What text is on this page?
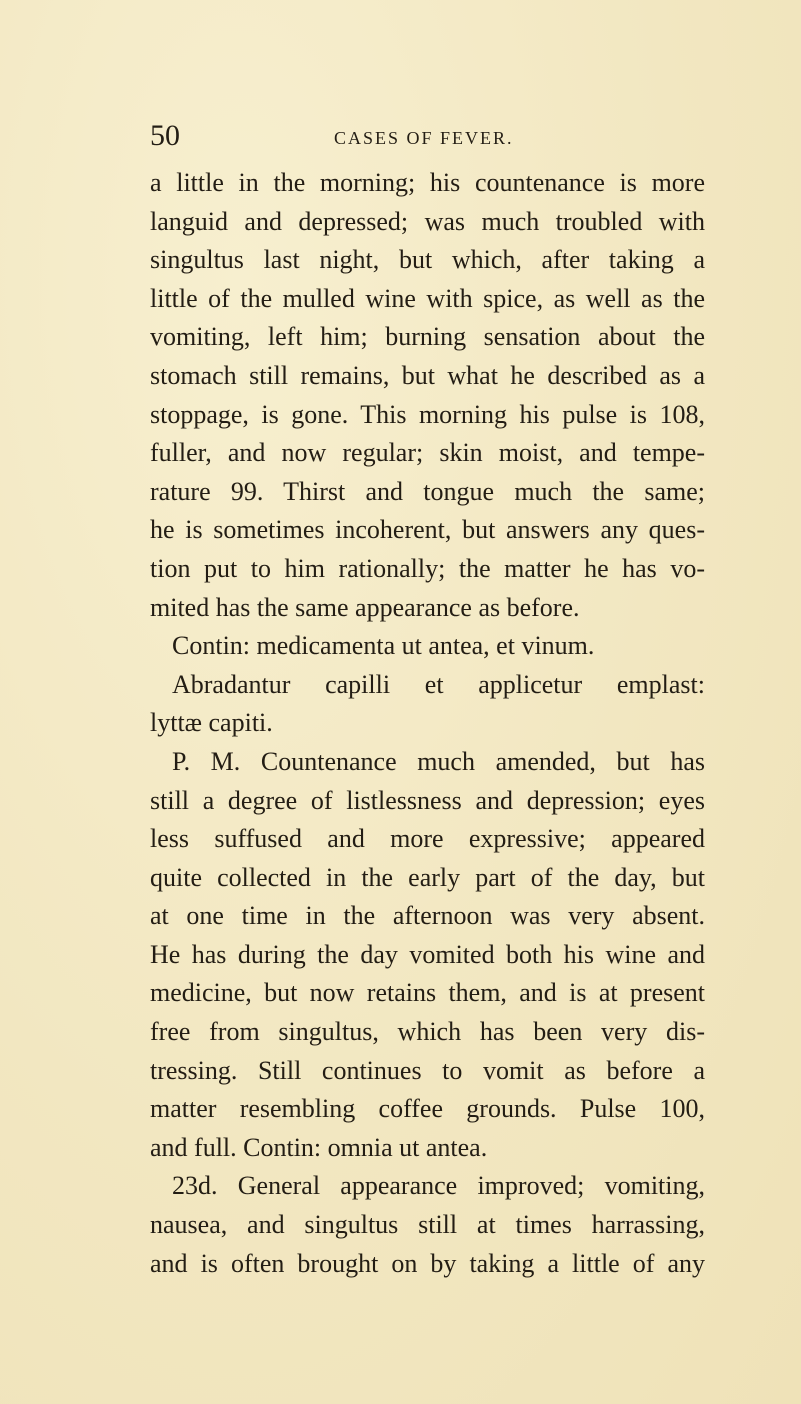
50	CASES OF FEVER.
a little in the morning; his countenance is more
languid and depressed; was much troubled with
singultus last night, but which, after taking a
little of the mulled wine with spice, as well as the
vomiting, left him; burning sensation about the
stomach still remains, but what he described as a
stoppage, is gone. This morning his pulse is 108,
fuller, and now regular; skin moist, and tempe-
rature 99. Thirst and tongue much the same;
he is sometimes incoherent, but answers any ques-
tion put to him rationally; the matter he has vo-
mited has the same appearance as before.
Contin: medicamenta ut antea, et vinum.
Abradantur capilli et applicetur emplast:
lyttæ capiti.
P. M. Countenance much amended, but has
still a degree of listlessness and depression; eyes
less suffused and more expressive; appeared
quite collected in the early part of the day, but
at one time in the afternoon was very absent.
He has during the day vomited both his wine and
medicine, but now retains them, and is at present
free from singultus, which has been very dis-
tressing. Still continues to vomit as before a
matter resembling coffee grounds. Pulse 100,
and full. Contin: omnia ut antea.
23d. General appearance improved; vomiting,
nausea, and singultus still at times harrassing,
and is often brought on by taking a little of any
